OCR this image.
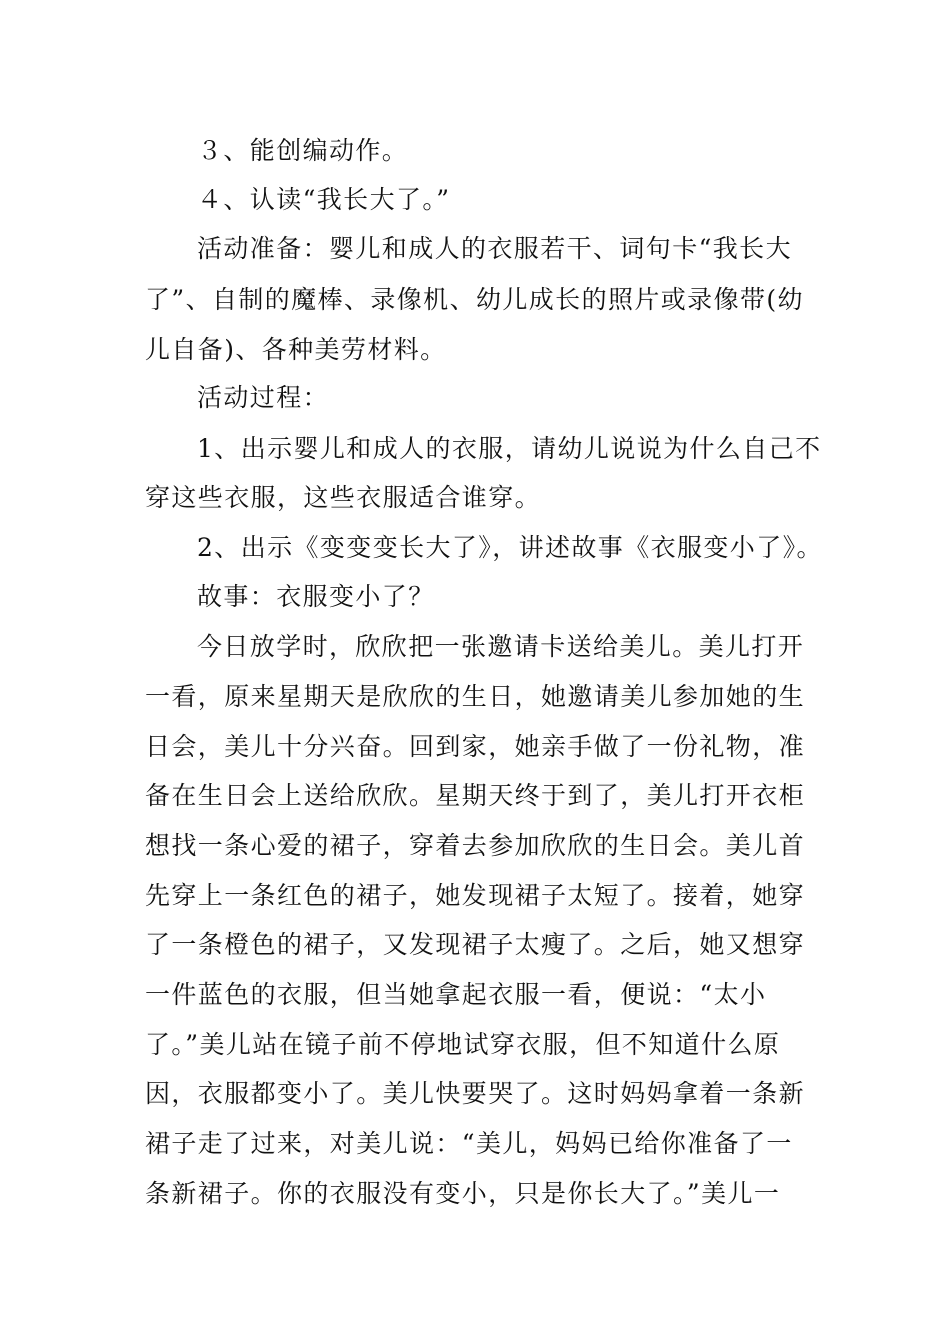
３、能创编动作。
４、认读“我长大了。”
活动准备：婴儿和成人的衣服若干、词句卡“我长大
了”、自制的魔棒、录像机、幼儿成长的照片或录像带(幼
儿自备)、各种美劳材料。
活动过程：
1、出示婴儿和成人的衣服，请幼儿说说为什么自己不
穿这些衣服，这些衣服适合谁穿。
2、出示《变变变长大了》，讲述故事《衣服变小了》。
故事：衣服变小了？
今日放学时，欣欣把一张邀请卡送给美儿。美儿打开
一看，原来星期天是欣欣的生日，她邀请美儿参加她的生
日会，美儿十分兴奋。回到家，她亲手做了一份礼物，准
备在生日会上送给欣欣。星期天终于到了，美儿打开衣柜
想找一条心爱的裙子，穿着去参加欣欣的生日会。美儿首
先穿上一条红色的裙子，她发现裙子太短了。接着，她穿
了一条橙色的裙子，又发现裙子太瘦了。之后，她又想穿
一件蓝色的衣服，但当她拿起衣服一看，便说：“太小
了。”美儿站在镜子前不停地试穿衣服，但不知道什么原
因，衣服都变小了。美儿快要哭了。这时妈妈拿着一条新
裙子走了过来，对美儿说：“美儿，妈妈已给你准备了一
条新裙子。你的衣服没有变小，只是你长大了。”美儿一
